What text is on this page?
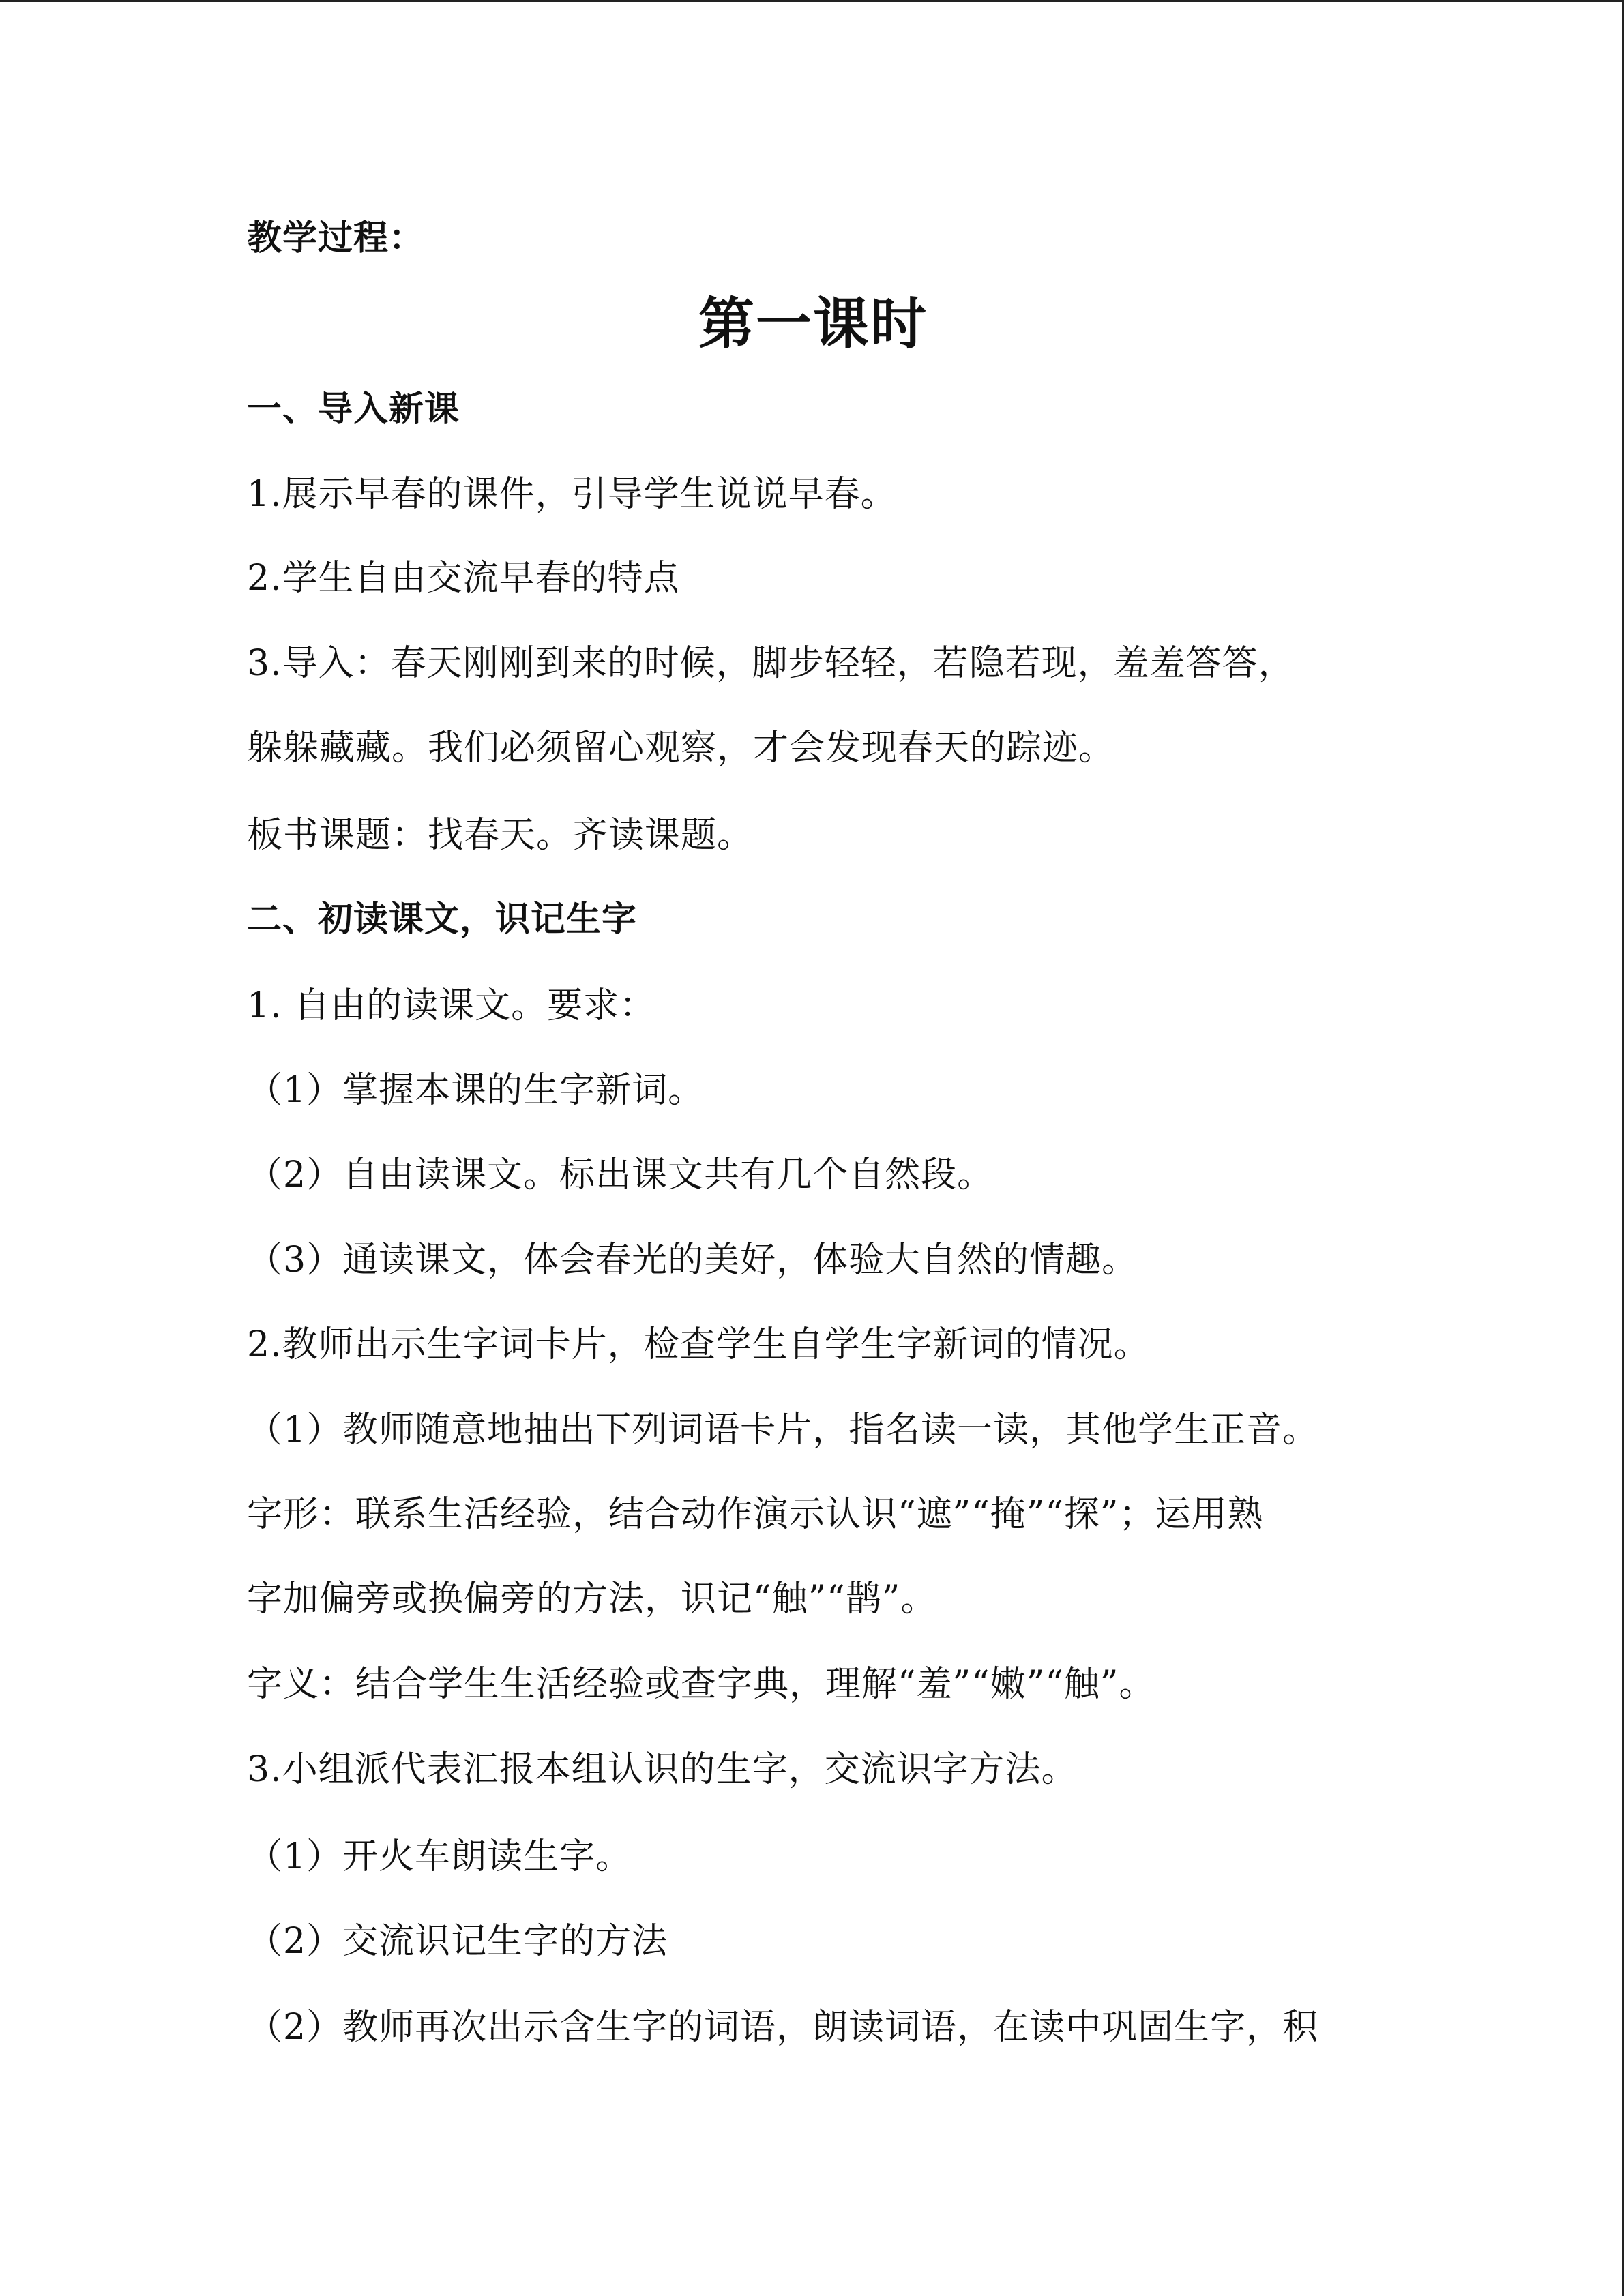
教学过程：
第一课时
一、导入新课
1.展示早春的课件，引导学生说说早春。
2.学生自由交流早春的特点
3.导入：春天刚刚到来的时候，脚步轻轻，若隐若现，羞羞答答，
躲躲藏藏。我们必须留心观察，才会发现春天的踪迹。
板书课题：找春天。齐读课题。
二、初读课文，识记生字
1. 自由的读课文。要求：
（1）掌握本课的生字新词。
（2）自由读课文。标出课文共有几个自然段。
（3）通读课文，体会春光的美好，体验大自然的情趣。
2.教师出示生字词卡片，检查学生自学生字新词的情况。
（1）教师随意地抽出下列词语卡片，指名读一读，其他学生正音。
字形：联系生活经验，结合动作演示认识“遮”“掩”“探”；运用熟
字加偏旁或换偏旁的方法，识记“触”“鹊”。
字义：结合学生生活经验或查字典，理解“羞”“嫩”“触”。
3.小组派代表汇报本组认识的生字，交流识字方法。
（1）开火车朗读生字。
（2）交流识记生字的方法
（2）教师再次出示含生字的词语，朗读词语，在读中巩固生字，积
